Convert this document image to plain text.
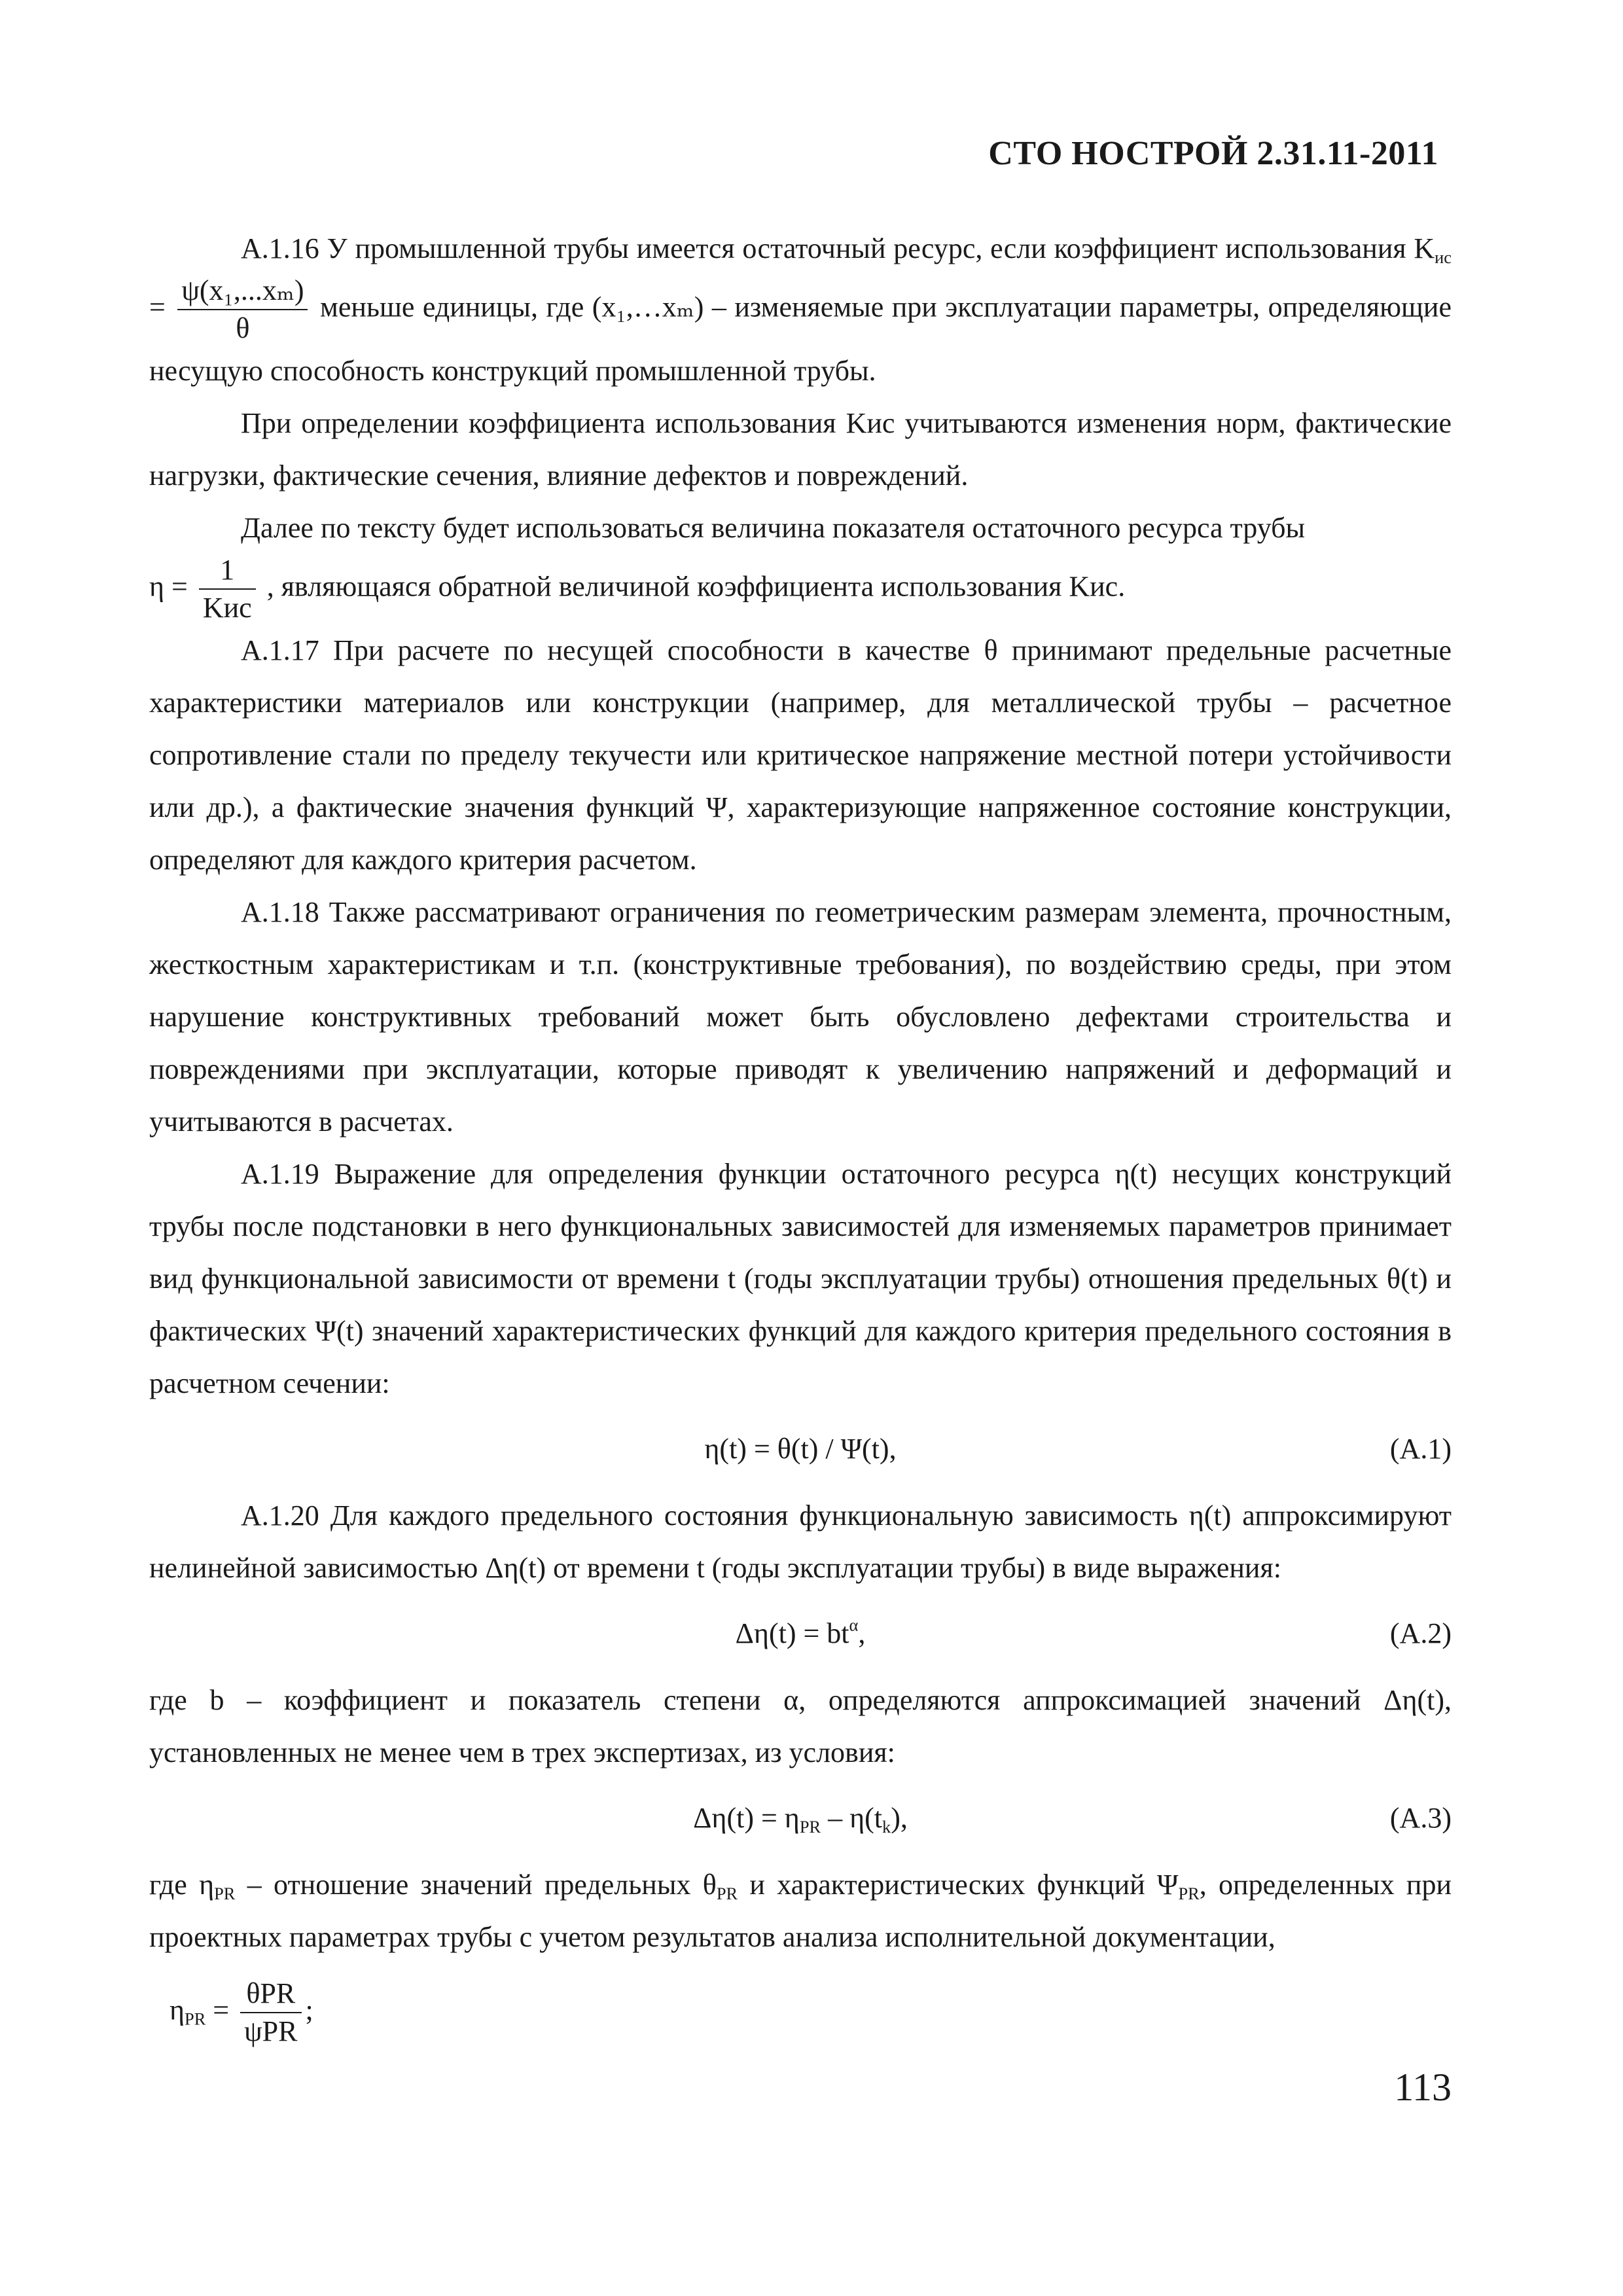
СТО НОСТРОЙ 2.31.11-2011

А.1.16 У промышленной трубы имеется остаточный ресурс, если коэффициент использования $K_{ис} = \frac{\text{ψ(x₁,...xₘ)}}{\theta}$ меньше единицы, где (x₁,…xₘ) – изменяемые при эксплуатации параметры, определяющие несущую способность конструкций промышленной трубы.

При определении коэффициента использования Kис учитываются изменения норм, фактические нагрузки, фактические сечения, влияние дефектов и повреждений.

Далее по тексту будет использоваться величина показателя остаточного ресурса трубы
$\eta = \frac{1}{\text{Kис}}$ , являющаяся обратной величиной коэффициента использования Kис.

А.1.17 При расчете по несущей способности в качестве θ принимают предельные расчетные характеристики материалов или конструкции (например, для металлической трубы – расчетное сопротивление стали по пределу текучести или критическое напряжение местной потери устойчивости или др.), а фактические значения функций Ψ, характеризующие напряженное состояние конструкции, определяют для каждого критерия расчетом.

А.1.18 Также рассматривают ограничения по геометрическим размерам элемента, прочностным, жесткостным характеристикам и т.п. (конструктивные требования), по воздействию среды, при этом нарушение конструктивных требований может быть обусловлено дефектами строительства и повреждениями при эксплуатации, которые приводят к увеличению напряжений и деформаций и учитываются в расчетах.

А.1.19 Выражение для определения функции остаточного ресурса η(t) несущих конструкций трубы после подстановки в него функциональных зависимостей для изменяемых параметров принимает вид функциональной зависимости от времени t (годы эксплуатации трубы) отношения предельных θ(t) и фактических Ψ(t) значений характеристических функций для каждого критерия предельного состояния в расчетном сечении:

η(t) = θ(t) / Ψ(t),	(А.1)

А.1.20 Для каждого предельного состояния функциональную зависимость η(t) аппроксимируют нелинейной зависимостью Δη(t) от времени t (годы эксплуатации трубы) в виде выражения:

$\Delta\eta(t) = bt^\alpha$,	(А.2)

где b – коэффициент и показатель степени α, определяются аппроксимацией значений Δη(t), установленных не менее чем в трех экспертизах, из условия:

$\Delta\eta(t) = \eta_{PR} - \eta(t_k)$,	(А.3)

где $\eta_{PR}$ – отношение значений предельных $\theta_{PR}$ и характеристических функций $\Psi_{PR}$, определенных при проектных параметрах трубы с учетом результатов анализа исполнительной документации,

$\eta_{PR} = \frac{\text{θPR}}{\text{ψPR}}$ ;
113
